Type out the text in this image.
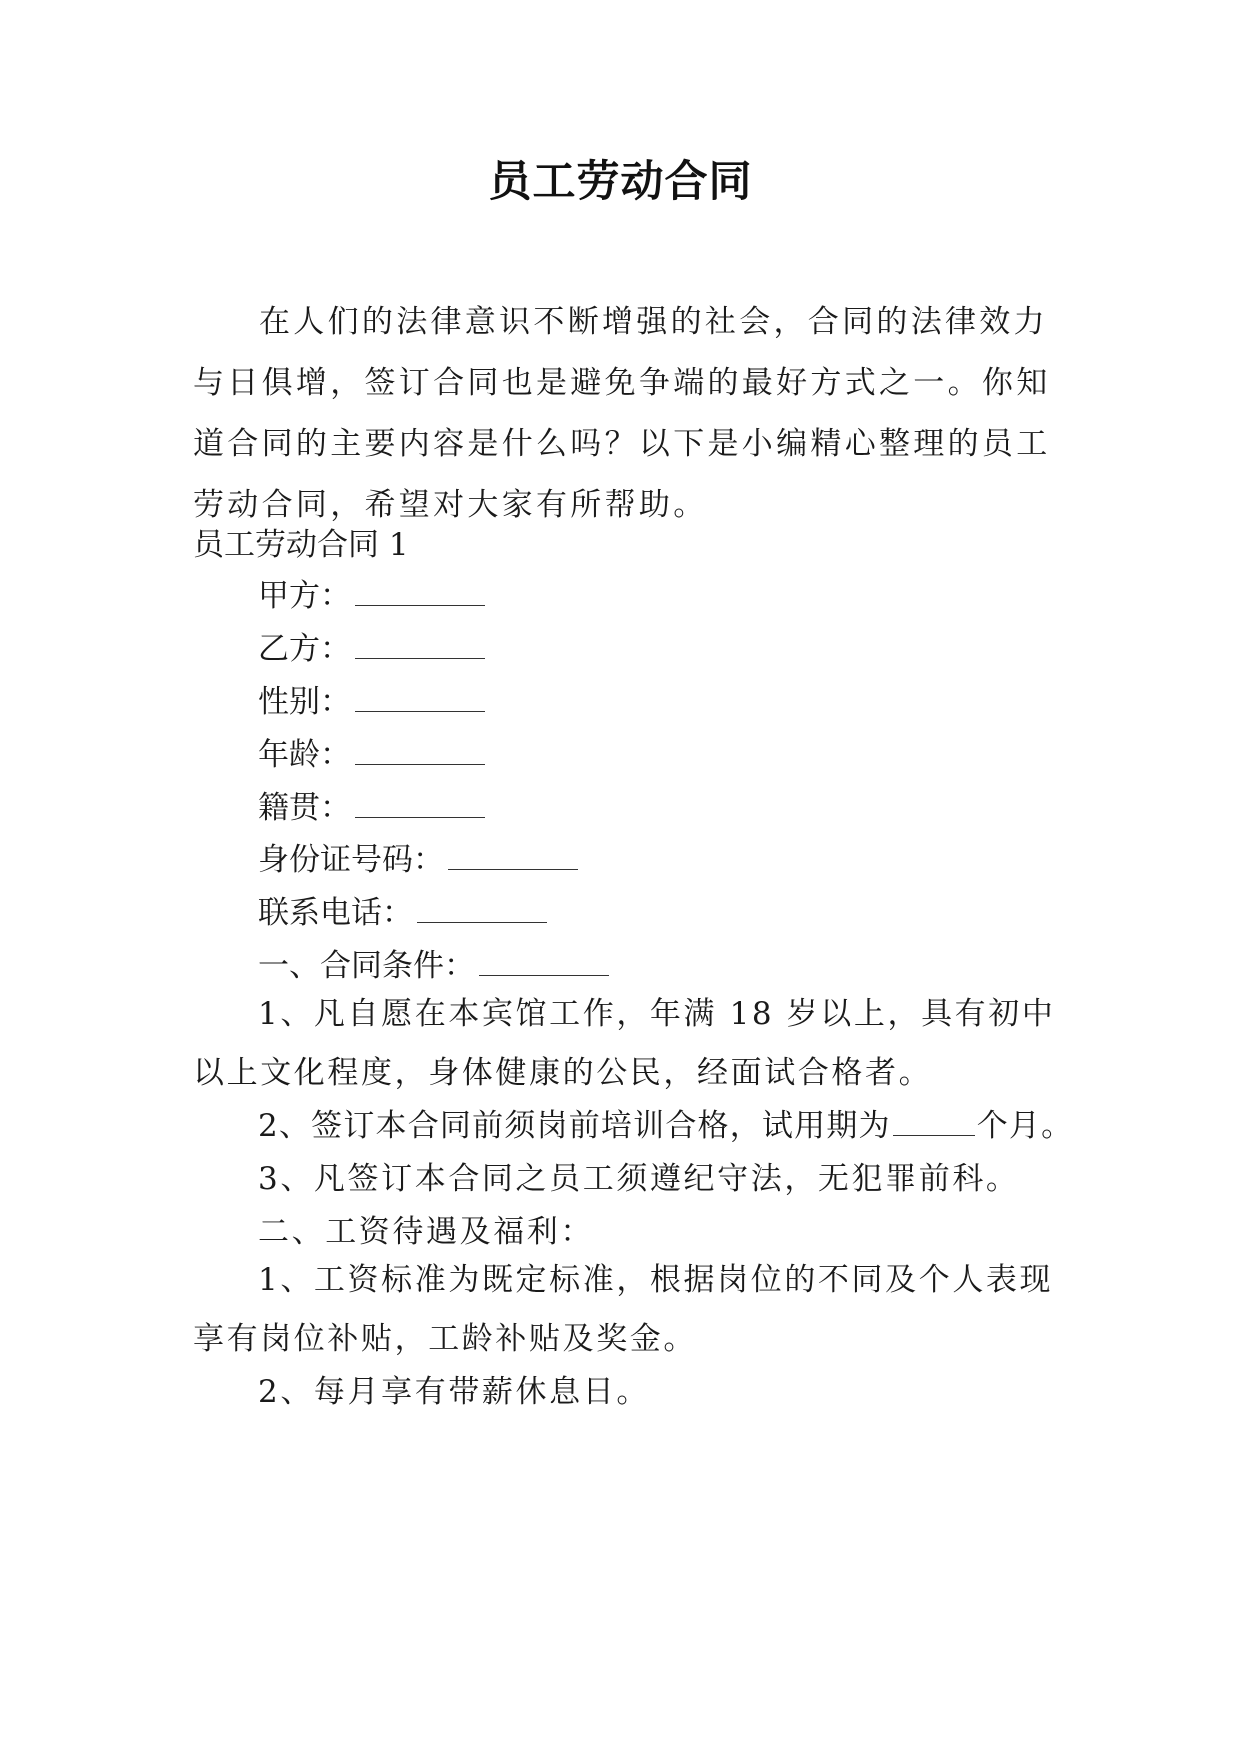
员工劳动合同

在人们的法律意识不断增强的社会，合同的法律效力与日俱增，签订合同也是避免争端的最好方式之一。你知道合同的主要内容是什么吗？以下是小编精心整理的员工劳动合同，希望对大家有所帮助。

员工劳动合同 1
甲方：
乙方：
性别：
年龄：
籍贯：
身份证号码：
联系电话：
一、合同条件：

1、凡自愿在本宾馆工作，年满 18 岁以上，具有初中以上文化程度，身体健康的公民，经面试合格者。

2、签订本合同前须岗前培训合格，试用期为	个月。
3、凡签订本合同之员工须遵纪守法，无犯罪前科。
二、工资待遇及福利：

1、工资标准为既定标准，根据岗位的不同及个人表现享有岗位补贴，工龄补贴及奖金。

2、每月享有带薪休息日。
